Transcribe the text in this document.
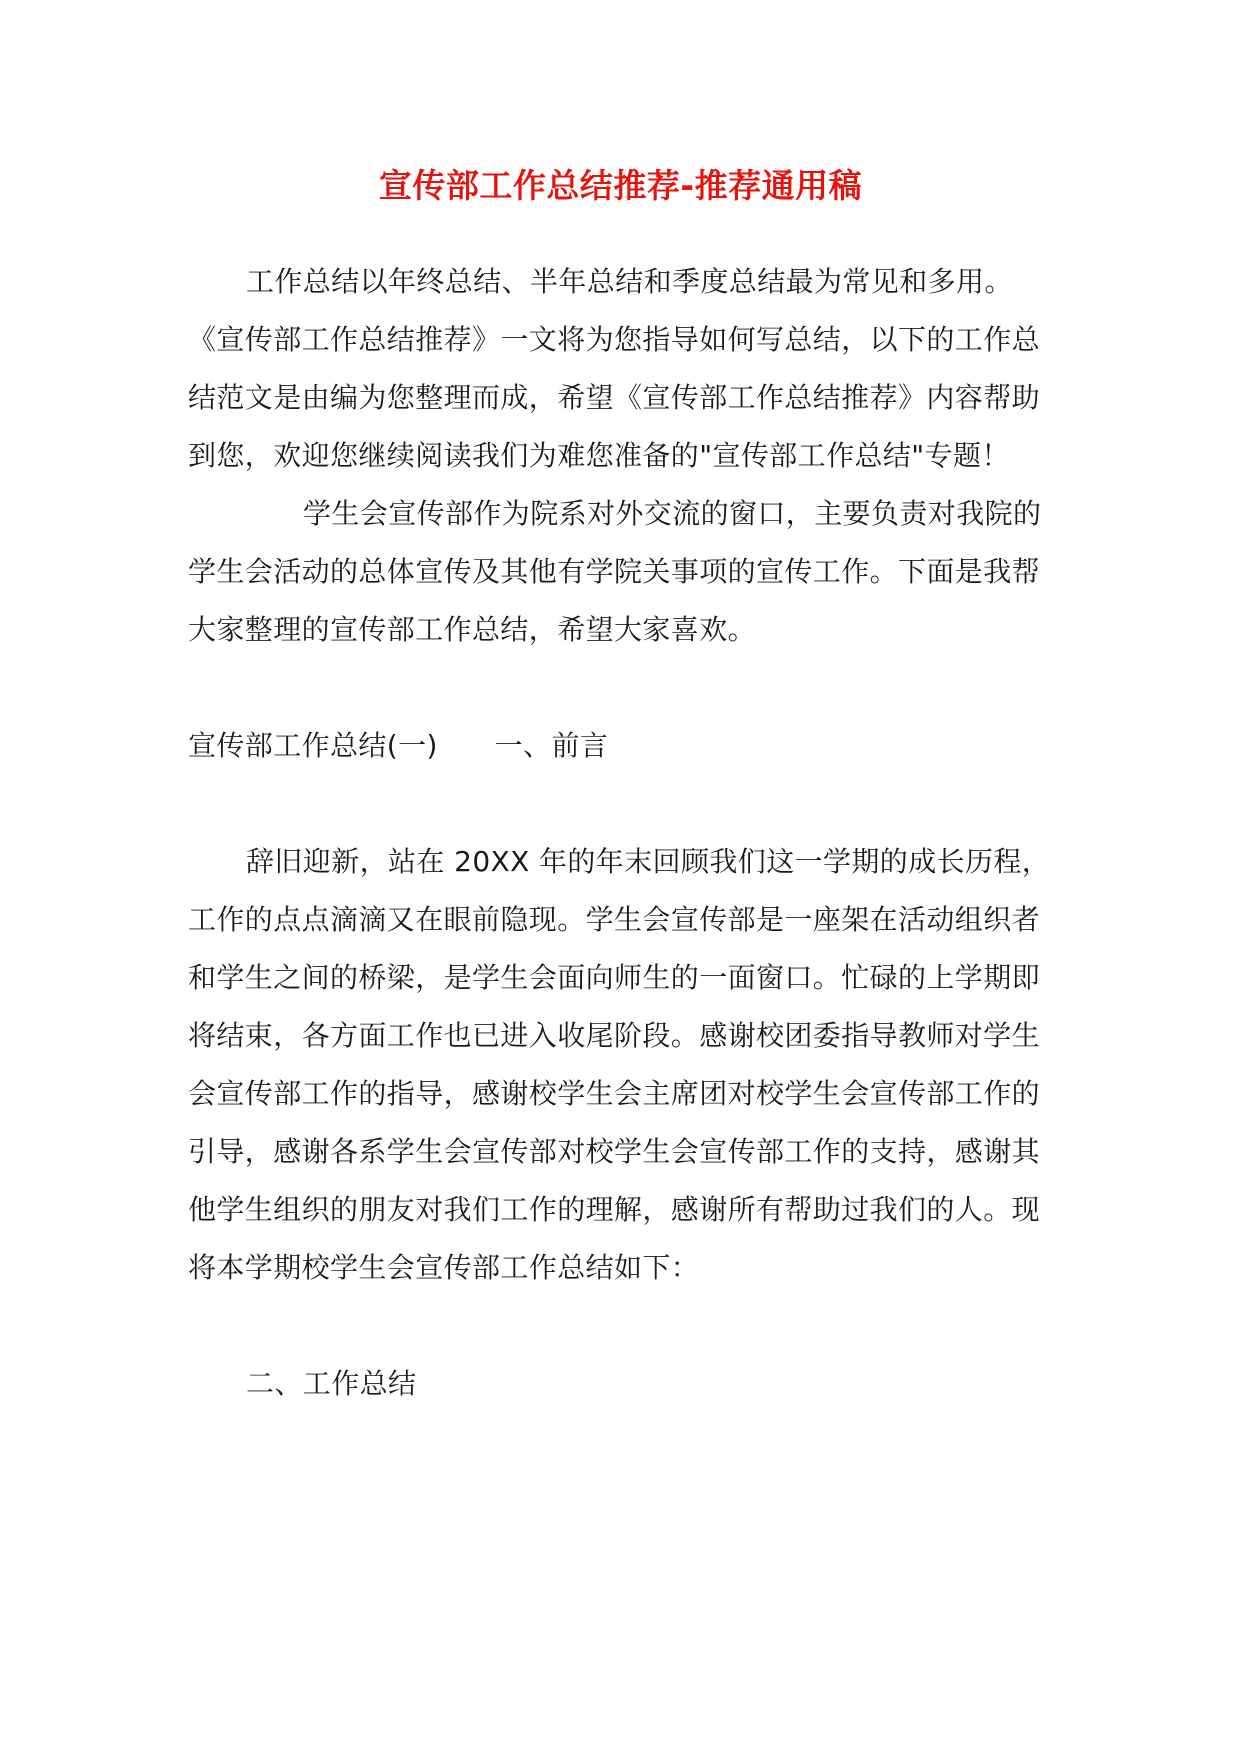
宣传部工作总结推荐-推荐通用稿
工作总结以年终总结、半年总结和季度总结最为常见和多用。
《宣传部工作总结推荐》一文将为您指导如何写总结，以下的工作总
结范文是由编为您整理而成，希望《宣传部工作总结推荐》内容帮助
到您，欢迎您继续阅读我们为难您准备的"宣传部工作总结"专题！
学生会宣传部作为院系对外交流的窗口，主要负责对我院的
学生会活动的总体宣传及其他有学院关事项的宣传工作。下面是我帮
大家整理的宣传部工作总结，希望大家喜欢。
宣传部工作总结(一)　　一、前言
辞旧迎新，站在 20XX 年的年末回顾我们这一学期的成长历程，
工作的点点滴滴又在眼前隐现。学生会宣传部是一座架在活动组织者
和学生之间的桥梁，是学生会面向师生的一面窗口。忙碌的上学期即
将结束，各方面工作也已进入收尾阶段。感谢校团委指导教师对学生
会宣传部工作的指导，感谢校学生会主席团对校学生会宣传部工作的
引导，感谢各系学生会宣传部对校学生会宣传部工作的支持，感谢其
他学生组织的朋友对我们工作的理解，感谢所有帮助过我们的人。现
将本学期校学生会宣传部工作总结如下：
二、工作总结
